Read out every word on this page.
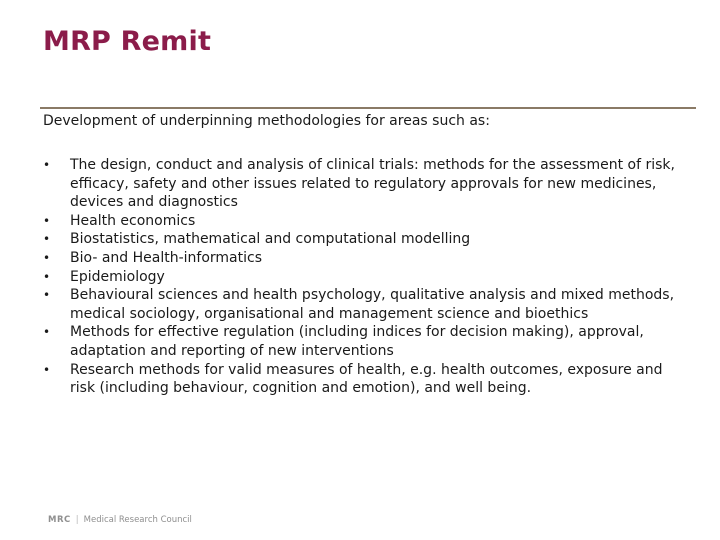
MRP Remit
Development of underpinning methodologies for areas such as:
• The design, conduct and analysis of clinical trials: methods for the assessment of risk, efficacy, safety and other issues related to regulatory approvals for new medicines, devices and diagnostics
• Health economics
• Biostatistics, mathematical and computational modelling
• Bio- and Health-informatics
• Epidemiology
• Behavioural sciences and health psychology, qualitative analysis and mixed methods, medical sociology, organisational and management science and bioethics
• Methods for effective regulation (including indices for decision making), approval, adaptation and reporting of new interventions
• Research methods for valid measures of health, e.g. health outcomes, exposure and risk (including behaviour, cognition and emotion), and well being.
MRC | Medical Research Council
